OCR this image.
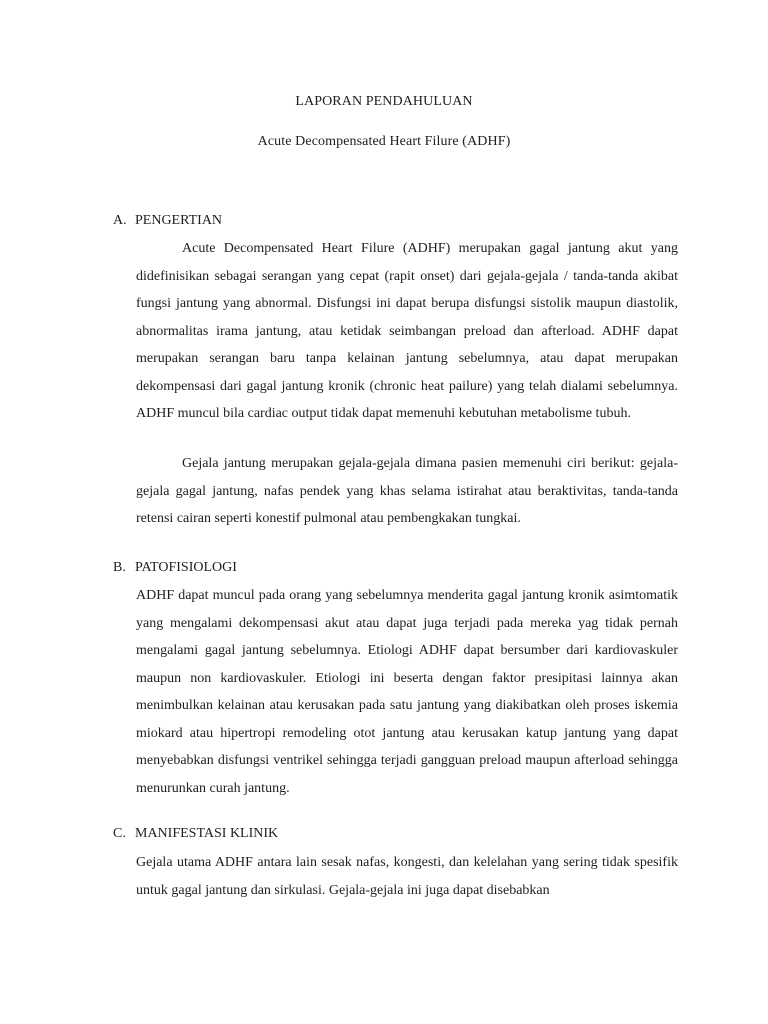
LAPORAN PENDAHULUAN
Acute Decompensated Heart Filure (ADHF)
A. PENGERTIAN

Acute Decompensated Heart Filure (ADHF) merupakan gagal jantung akut yang didefinisikan sebagai serangan yang cepat (rapit onset) dari gejala-gejala / tanda-tanda akibat fungsi jantung yang abnormal. Disfungsi ini dapat berupa disfungsi sistolik maupun diastolik, abnormalitas irama jantung, atau ketidak seimbangan preload dan afterload. ADHF dapat merupakan serangan baru tanpa kelainan jantung sebelumnya, atau dapat merupakan dekompensasi dari gagal jantung kronik (chronic heat pailure) yang telah dialami sebelumnya. ADHF muncul bila cardiac output tidak dapat memenuhi kebutuhan metabolisme tubuh.

Gejala jantung merupakan gejala-gejala dimana pasien memenuhi ciri berikut: gejala-gejala gagal jantung, nafas pendek yang khas selama istirahat atau beraktivitas, tanda-tanda retensi cairan seperti konestif pulmonal atau pembengkakan tungkai.

B. PATOFISIOLOGI

ADHF dapat muncul pada orang yang sebelumnya menderita gagal jantung kronik asimtomatik yang mengalami dekompensasi akut atau dapat juga terjadi pada mereka yag tidak pernah mengalami gagal jantung sebelumnya. Etiologi ADHF dapat bersumber dari kardiovaskuler maupun non kardiovaskuler. Etiologi ini beserta dengan faktor presipitasi lainnya akan menimbulkan kelainan atau kerusakan pada satu jantung yang diakibatkan oleh proses iskemia miokard atau hipertropi remodeling otot jantung atau kerusakan katup jantung yang dapat menyebabkan disfungsi ventrikel sehingga terjadi gangguan preload maupun afterload sehingga menurunkan curah jantung.

C. MANIFESTASI KLINIK

Gejala utama ADHF antara lain sesak nafas, kongesti, dan kelelahan yang sering tidak spesifik untuk gagal jantung dan sirkulasi. Gejala-gejala ini juga dapat disebabkan
